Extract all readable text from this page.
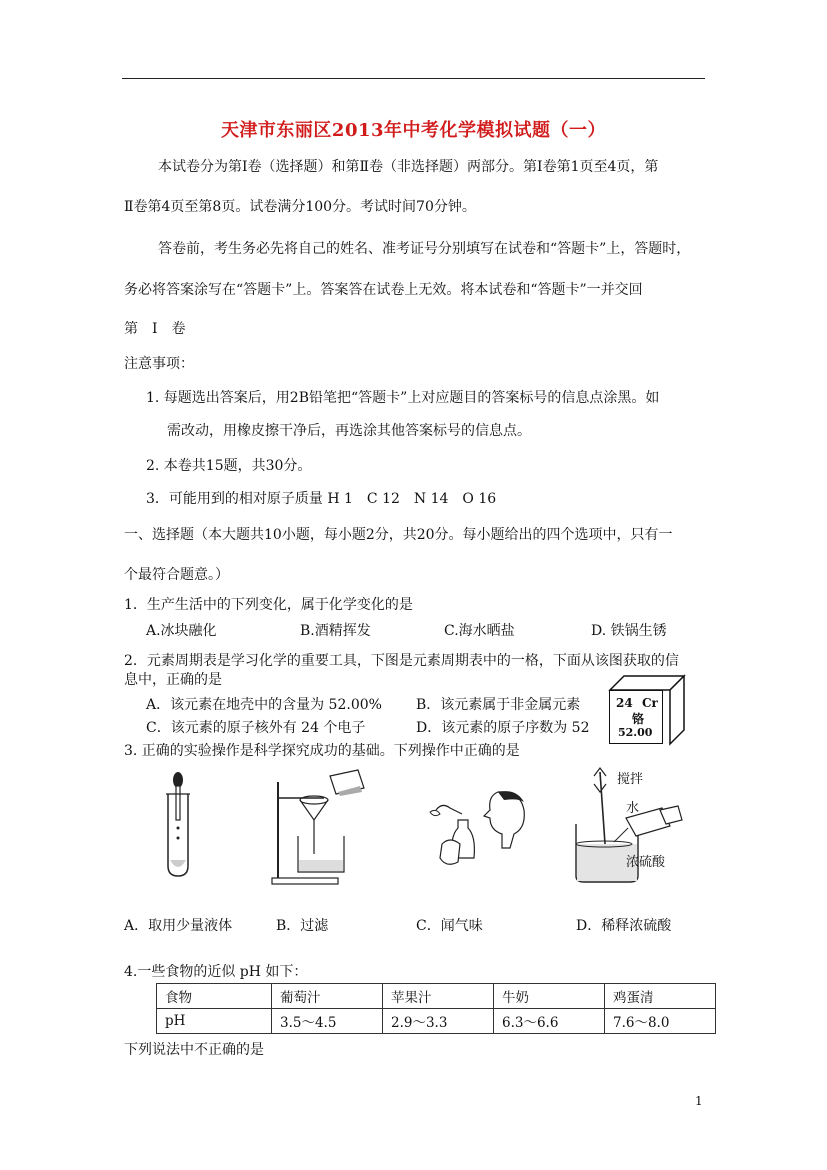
天津市东丽区2013年中考化学模拟试题（一）
本试卷分为第Ⅰ卷（选择题）和第Ⅱ卷（非选择题）两部分。第Ⅰ卷第1页至4页，第
Ⅱ卷第4页至第8页。试卷满分100分。考试时间70分钟。
答卷前，考生务必先将自己的姓名、准考证号分别填写在试卷和“答题卡”上，答题时，
务必将答案涂写在“答题卡”上。答案答在试卷上无效。将本试卷和“答题卡”一并交回
第　Ⅰ　卷
注意事项：
1. 每题选出答案后，用2B铅笔把“答题卡”上对应题目的答案标号的信息点涂黑。如
需改动，用橡皮擦干净后，再选涂其他答案标号的信息点。
2. 本卷共15题，共30分。
3．可能用到的相对原子质量 H 1　C 12　N 14　O 16
一、选择题（本大题共10小题，每小题2分，共20分。每小题给出的四个选项中，只有一
个最符合题意。）
1．生产生活中的下列变化，属于化学变化的是
A.冰块融化	B.酒精挥发	C.海水晒盐	D. 铁锅生锈
2．元素周期表是学习化学的重要工具，下图是元素周期表中的一格，下面从该图获取的信
息中，正确的是
A．该元素在地壳中的含量为 52.00% B．该元素属于非金属元素
C．该元素的原子核外有 24 个电子	D．该元素的原子序数为 52
24 Cr
铬
52.00
3. 正确的实验操作是科学探究成功的基础。下列操作中正确的是
搅拌
水
浓硫酸
A．取用少量液体	B．过滤	C．闻气味	D．稀释浓硫酸
4.一些食物的近似 pH 如下：
食物	葡萄汁	苹果汁	牛奶	鸡蛋清
pH	3.5～4.5	2.9～3.3	6.3～6.6	7.6～8.0
下列说法中不正确的是
1
